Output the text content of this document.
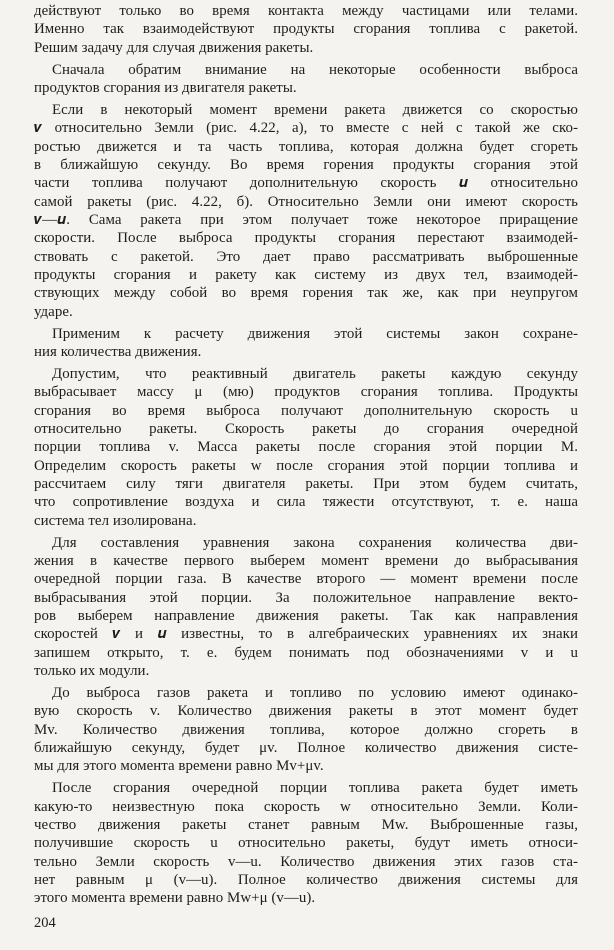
действуют только во время контакта между частицами или телами.
Именно так взаимодействуют продукты сгорания топлива с ракетой.
Решим задачу для случая движения ракеты.

Сначала обратим внимание на некоторые особенности выброса
продуктов сгорания из двигателя ракеты.

Если в некоторый момент времени ракета движется со скоростью
𝒗 относительно Земли (рис. 4.22, а), то вместе с ней с такой же ско-
ростью движется и та часть топлива, которая должна будет сгореть
в ближайшую секунду. Во время горения продукты сгорания этой
части топлива получают дополнительную скорость 𝒖 относительно
самой ракеты (рис. 4.22, б). Относительно Земли они имеют скорость
𝒗—𝒖. Сама ракета при этом получает тоже некоторое приращение
скорости. После выброса продукты сгорания перестают взаимодей-
ствовать с ракетой. Это дает право рассматривать выброшенные
продукты сгорания и ракету как систему из двух тел, взаимодей-
ствующих между собой во время горения так же, как при неупругом
ударе.

Применим к расчету движения этой системы закон сохране-
ния количества движения.

Допустим, что реактивный двигатель ракеты каждую секунду
выбрасывает массу μ (мю) продуктов сгорания топлива. Продукты
сгорания во время выброса получают дополнительную скорость u
относительно ракеты. Скорость ракеты до сгорания очередной
порции топлива v. Масса ракеты после сгорания этой порции M.
Определим скорость ракеты w после сгорания этой порции топлива и
рассчитаем силу тяги двигателя ракеты. При этом будем считать,
что сопротивление воздуха и сила тяжести отсутствуют, т. е. наша
система тел изолирована.

Для составления уравнения закона сохранения количества дви-
жения в качестве первого выберем момент времени до выбрасывания
очередной порции газа. В качестве второго — момент времени после
выбрасывания этой порции. За положительное направление векто-
ров выберем направление движения ракеты. Так как направления
скоростей 𝒗 и 𝒖 известны, то в алгебраических уравнениях их знаки
запишем открыто, т. е. будем понимать под обозначениями v и u
только их модули.

До выброса газов ракета и топливо по условию имеют одинако-
вую скорость v. Количество движения ракеты в этот момент будет
Mv. Количество движения топлива, которое должно сгореть в
ближайшую секунду, будет μv. Полное количество движения систе-
мы для этого момента времени равно Mv+μv.

После сгорания очередной порции топлива ракета будет иметь
какую-то неизвестную пока скорость w относительно Земли. Коли-
чество движения ракеты станет равным Mw. Выброшенные газы,
получившие скорость u относительно ракеты, будут иметь относи-
тельно Земли скорость v—u. Количество движения этих газов ста-
нет равным μ (v—u). Полное количество движения системы для
этого момента времени равно Mw+μ (v—u).

204
